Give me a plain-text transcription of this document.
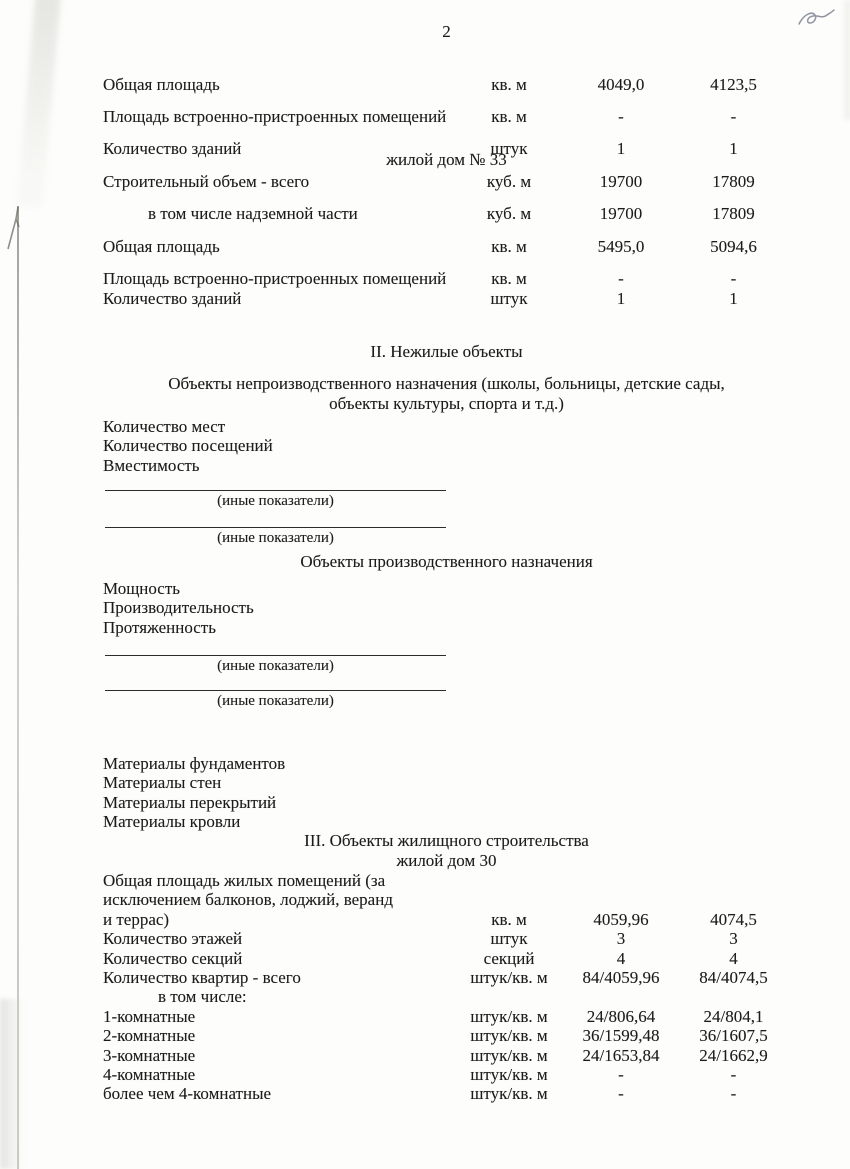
2
Общая площадь	кв. м	4049,0	4123,5
Площадь встроенно-пристроенных помещений	кв. м	-	-
Количество зданий	штук	1	1
жилой дом № 33
Строительный объем - всего	куб. м	19700	17809
в том числе надземной части	куб. м	19700	17809
Общая площадь	кв. м	5495,0	5094,6
Площадь встроенно-пристроенных помещений	кв. м	-	-
Количество зданий	штук	1	1
II. Нежилые объекты
Объекты непроизводственного назначения (школы, больницы, детские сады,
объекты культуры, спорта и т.д.)
Количество мест
Количество посещений
Вместимость
(иные показатели)
(иные показатели)
Объекты производственного назначения
Мощность
Производительность
Протяженность
(иные показатели)
(иные показатели)
Материалы фундаментов
Материалы стен
Материалы перекрытий
Материалы кровли
III. Объекты жилищного строительства
жилой дом 30
Общая площадь жилых помещений (за исключением балконов, лоджий, веранд и террас)	кв. м	4059,96	4074,5
Количество этажей	штук	3	3
Количество секций	секций	4	4
Количество квартир - всего	штук/кв. м	84/4059,96	84/4074,5
в том числе:
1-комнатные	штук/кв. м	24/806,64	24/804,1
2-комнатные	штук/кв. м	36/1599,48	36/1607,5
3-комнатные	штук/кв. м	24/1653,84	24/1662,9
4-комнатные	штук/кв. м	-	-
более чем 4-комнатные	штук/кв. м	-	-
